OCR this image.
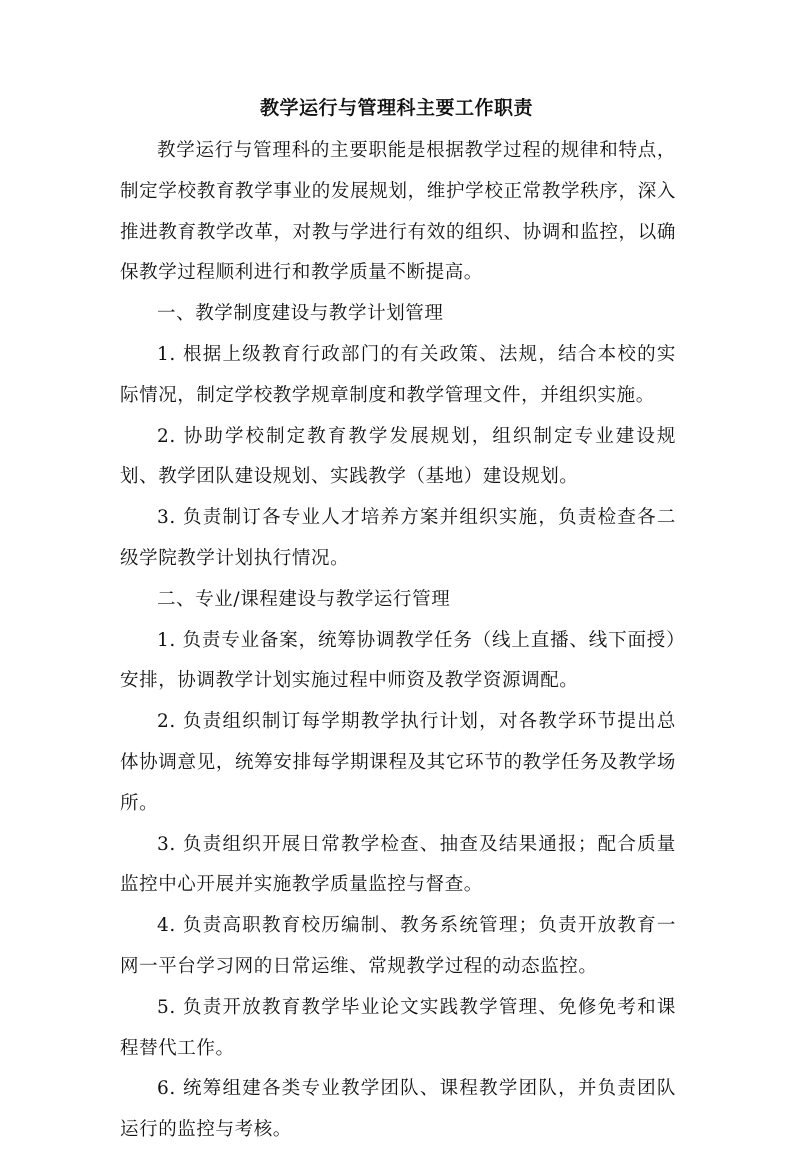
教学运行与管理科主要工作职责

教学运行与管理科的主要职能是根据教学过程的规律和特点，制定学校教育教学事业的发展规划，维护学校正常教学秩序，深入推进教育教学改革，对教与学进行有效的组织、协调和监控，以确保教学过程顺利进行和教学质量不断提高。

一、教学制度建设与教学计划管理

1. 根据上级教育行政部门的有关政策、法规，结合本校的实际情况，制定学校教学规章制度和教学管理文件，并组织实施。

2. 协助学校制定教育教学发展规划，组织制定专业建设规划、教学团队建设规划、实践教学（基地）建设规划。

3. 负责制订各专业人才培养方案并组织实施，负责检查各二级学院教学计划执行情况。

二、专业/课程建设与教学运行管理

1. 负责专业备案，统筹协调教学任务（线上直播、线下面授）安排，协调教学计划实施过程中师资及教学资源调配。

2. 负责组织制订每学期教学执行计划，对各教学环节提出总体协调意见，统筹安排每学期课程及其它环节的教学任务及教学场所。

3. 负责组织开展日常教学检查、抽查及结果通报；配合质量监控中心开展并实施教学质量监控与督查。

4. 负责高职教育校历编制、教务系统管理；负责开放教育一网一平台学习网的日常运维、常规教学过程的动态监控。

5. 负责开放教育教学毕业论文实践教学管理、免修免考和课程替代工作。

6. 统筹组建各类专业教学团队、课程教学团队，并负责团队运行的监控与考核。
